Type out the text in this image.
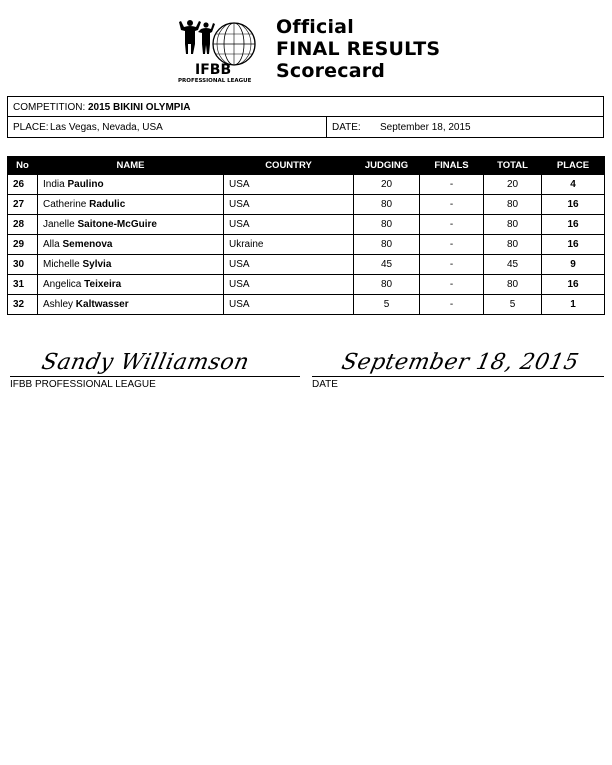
IFBB
PROFESSIONAL LEAGUE
Official
FINAL RESULTS
Scorecard
COMPETITION: 2015 BIKINI OLYMPIA
PLACE: Las Vegas, Nevada, USA	DATE: September 18, 2015
No	NAME	COUNTRY	JUDGING	FINALS	TOTAL	PLACE
26	India Paulino	USA	20	-	20	4
27	Catherine Radulic	USA	80	-	80	16
28	Janelle Saitone-McGuire	USA	80	-	80	16
29	Alla Semenova	Ukraine	80	-	80	16
30	Michelle Sylvia	USA	45	-	45	9
31	Angelica Teixeira	USA	80	-	80	16
32	Ashley Kaltwasser	USA	5	-	5	1
Sandy Williamson
IFBB PROFESSIONAL LEAGUE
September 18, 2015
DATE
